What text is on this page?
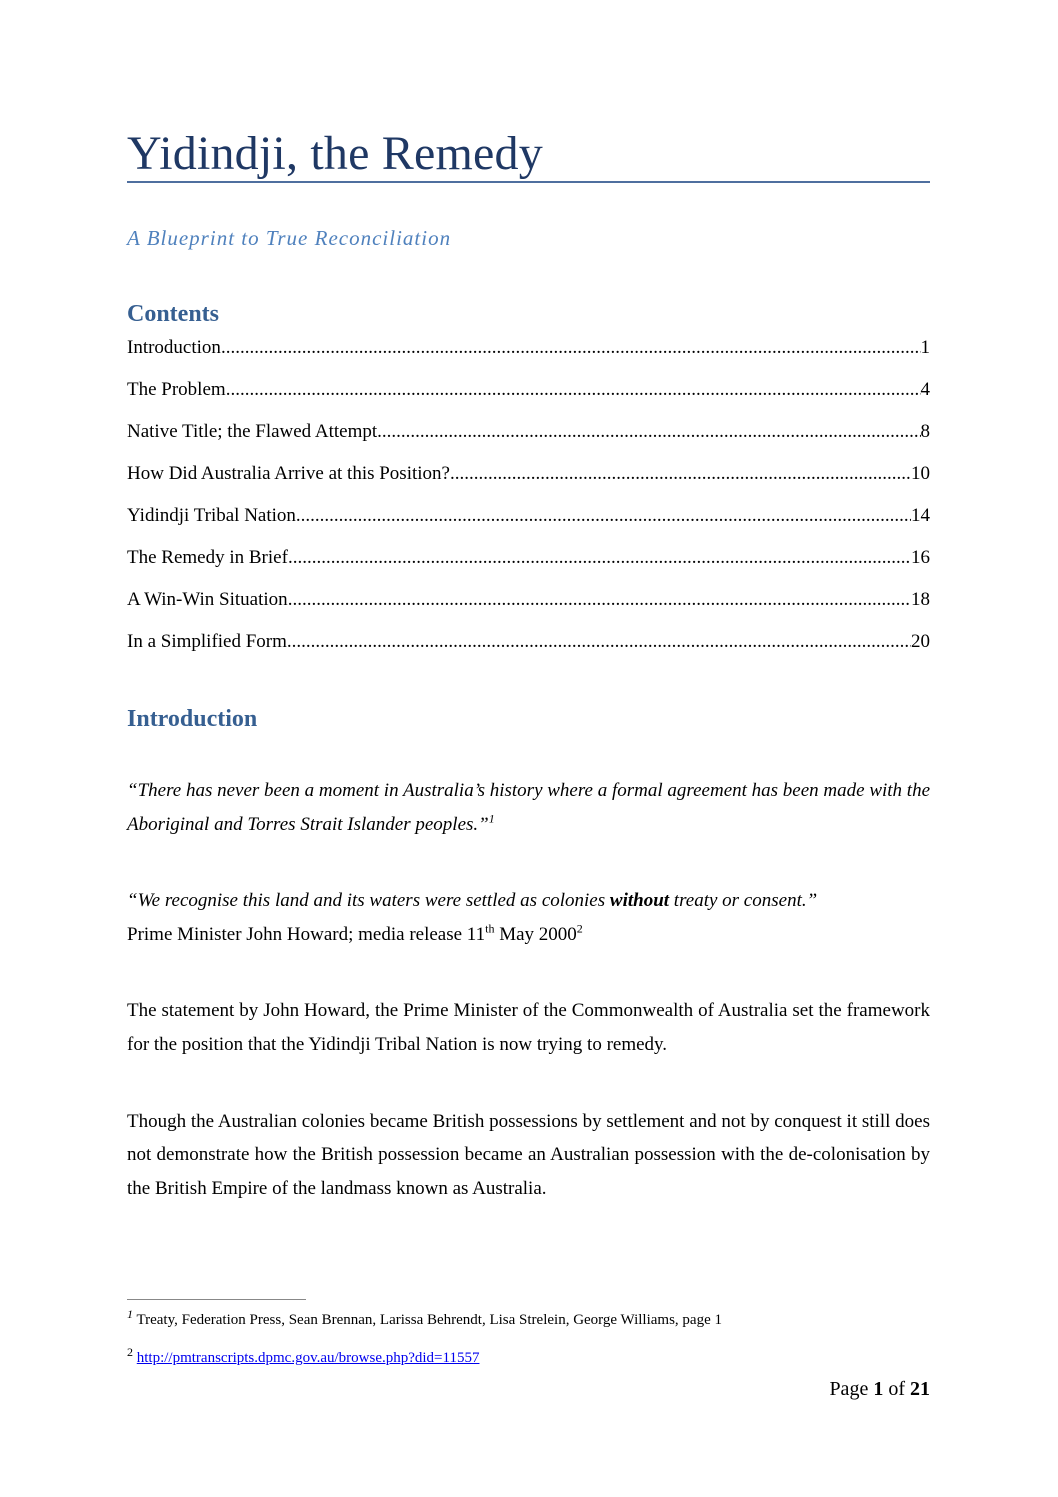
Yidindji, the Remedy
A Blueprint to True Reconciliation
Contents
Introduction .....	1
The Problem .....	4
Native Title; the Flawed Attempt .....	8
How Did Australia Arrive at this Position? .....	10
Yidindji Tribal Nation .....	14
The Remedy in Brief .....	16
A Win-Win Situation .....	18
In a Simplified Form .....	20
Introduction

“There has never been a moment in Australia’s history where a formal agreement has been made with the Aboriginal and Torres Strait Islander peoples.”$^1$

“We recognise this land and its waters were settled as colonies without treaty or consent.”
Prime Minister John Howard; media release 11th May 2000$^2$

The statement by John Howard, the Prime Minister of the Commonwealth of Australia set the framework for the position that the Yidindji Tribal Nation is now trying to remedy.

Though the Australian colonies became British possessions by settlement and not by conquest it still does not demonstrate how the British possession became an Australian possession with the de-colonisation by the British Empire of the landmass known as Australia.

$^1$ Treaty, Federation Press, Sean Brennan, Larissa Behrendt, Lisa Strelein, George Williams, page 1

$^2$ http://pmtranscripts.dpmc.gov.au/browse.php?did=11557

Page 1 of 21
